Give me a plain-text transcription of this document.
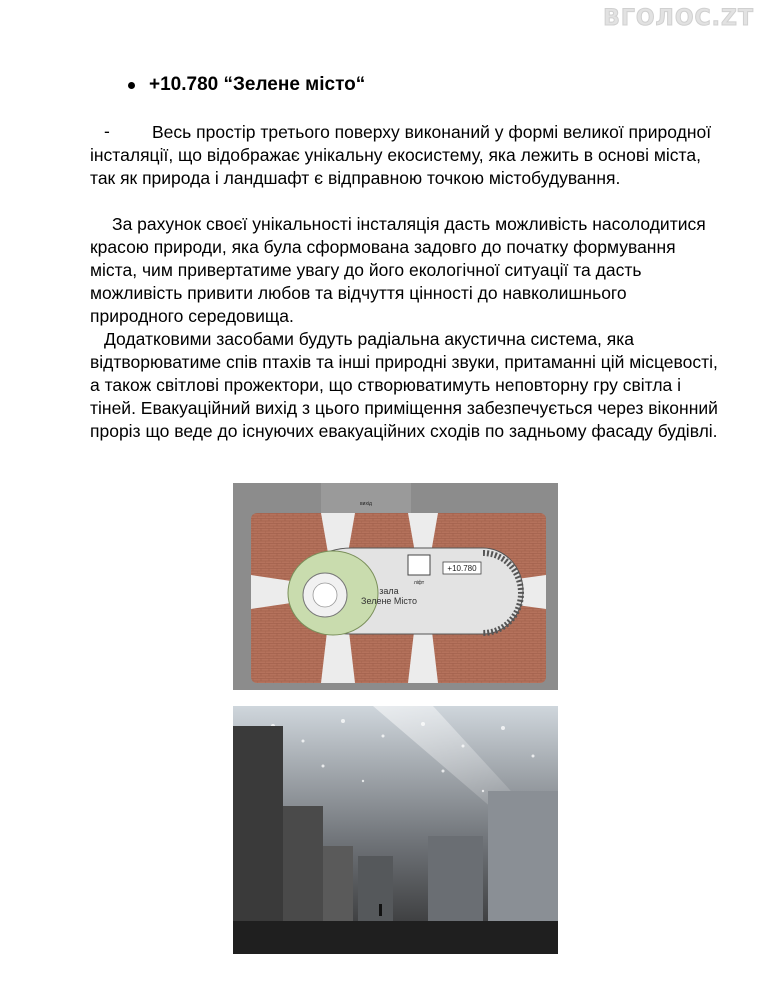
ВГОЛОС.ZT
+10.780 “Зелене місто“
-	Весь простір третього поверху виконаний у формі великої природної інсталяції, що відображає унікальну екосистему, яка лежить в основі міста, так як природа і ландшафт є відправною точкою містобудування.

За рахунок своєї унікальності інсталяція дасть можливість насолодитися красою природи, яка була сформована задовго до початку формування міста, чим привертатиме увагу до його екологічної ситуації та дасть можливість привити любов та відчуття цінності до навколишнього природного середовища.

Додатковими засобами будуть радіальна акустична система, яка відтворюватиме спів птахів та інші природні звуки, притаманні цій місцевості, а також світлові прожектори, що створюватимуть неповторну гру світла і тіней. Евакуаційний вихід з цього приміщення забезпечується через віконний проріз що веде до існуючих евакуаційних сходів по задньому фасаду будівлі.

+10.780
ліфт
зала
Зелене Місто
вихід
